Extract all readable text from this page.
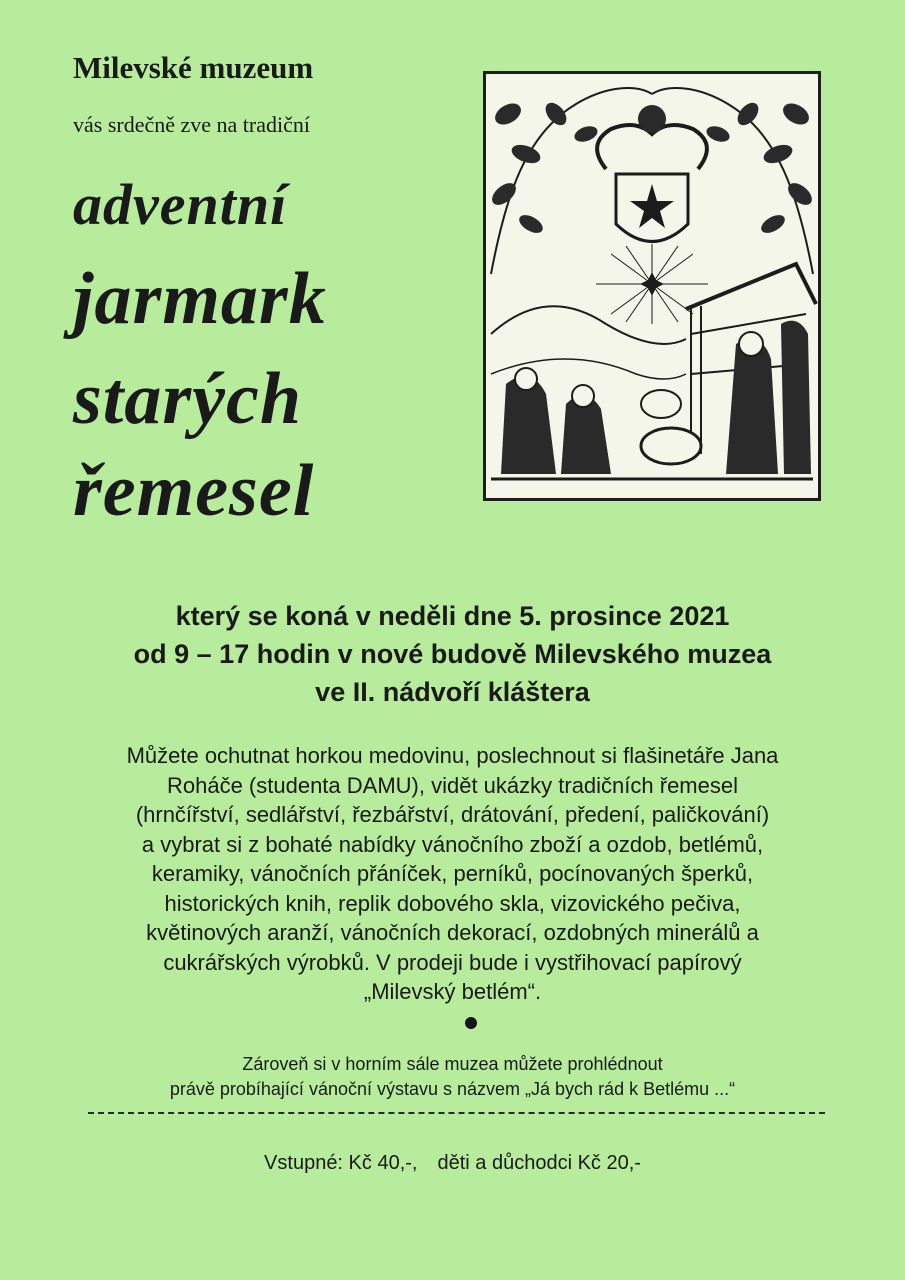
Milevské muzeum
vás srdečně zve na tradiční
adventní
jarmark
starých
řemesel
který se koná v neděli dne 5. prosince 2021
od 9 – 17 hodin v nové budově Milevského muzea
ve II. nádvoří kláštera
Můžete ochutnat horkou medovinu, poslechnout si flašinetáře Jana
Roháče (studenta DAMU), vidět ukázky tradičních řemesel
(hrnčířství, sedlářství, řezbářství, drátování, předení, paličkování)
a vybrat si z bohaté nabídky vánočního zboží a ozdob, betlémů,
keramiky, vánočních přáníček, perníků, pocínovaných šperků,
historických knih, replik dobového skla, vizovického pečiva,
květinových aranží, vánočních dekorací, ozdobných minerálů a
cukrářských výrobků. V prodeji bude i vystřihovací papírový
„Milevský betlém“.
Zároveň si v horním sále muzea můžete prohlédnout
právě probíhající vánoční výstavu s názvem „Já bych rád k Betlému ...“
Vstupné: Kč 40,-, děti a důchodci Kč 20,-
